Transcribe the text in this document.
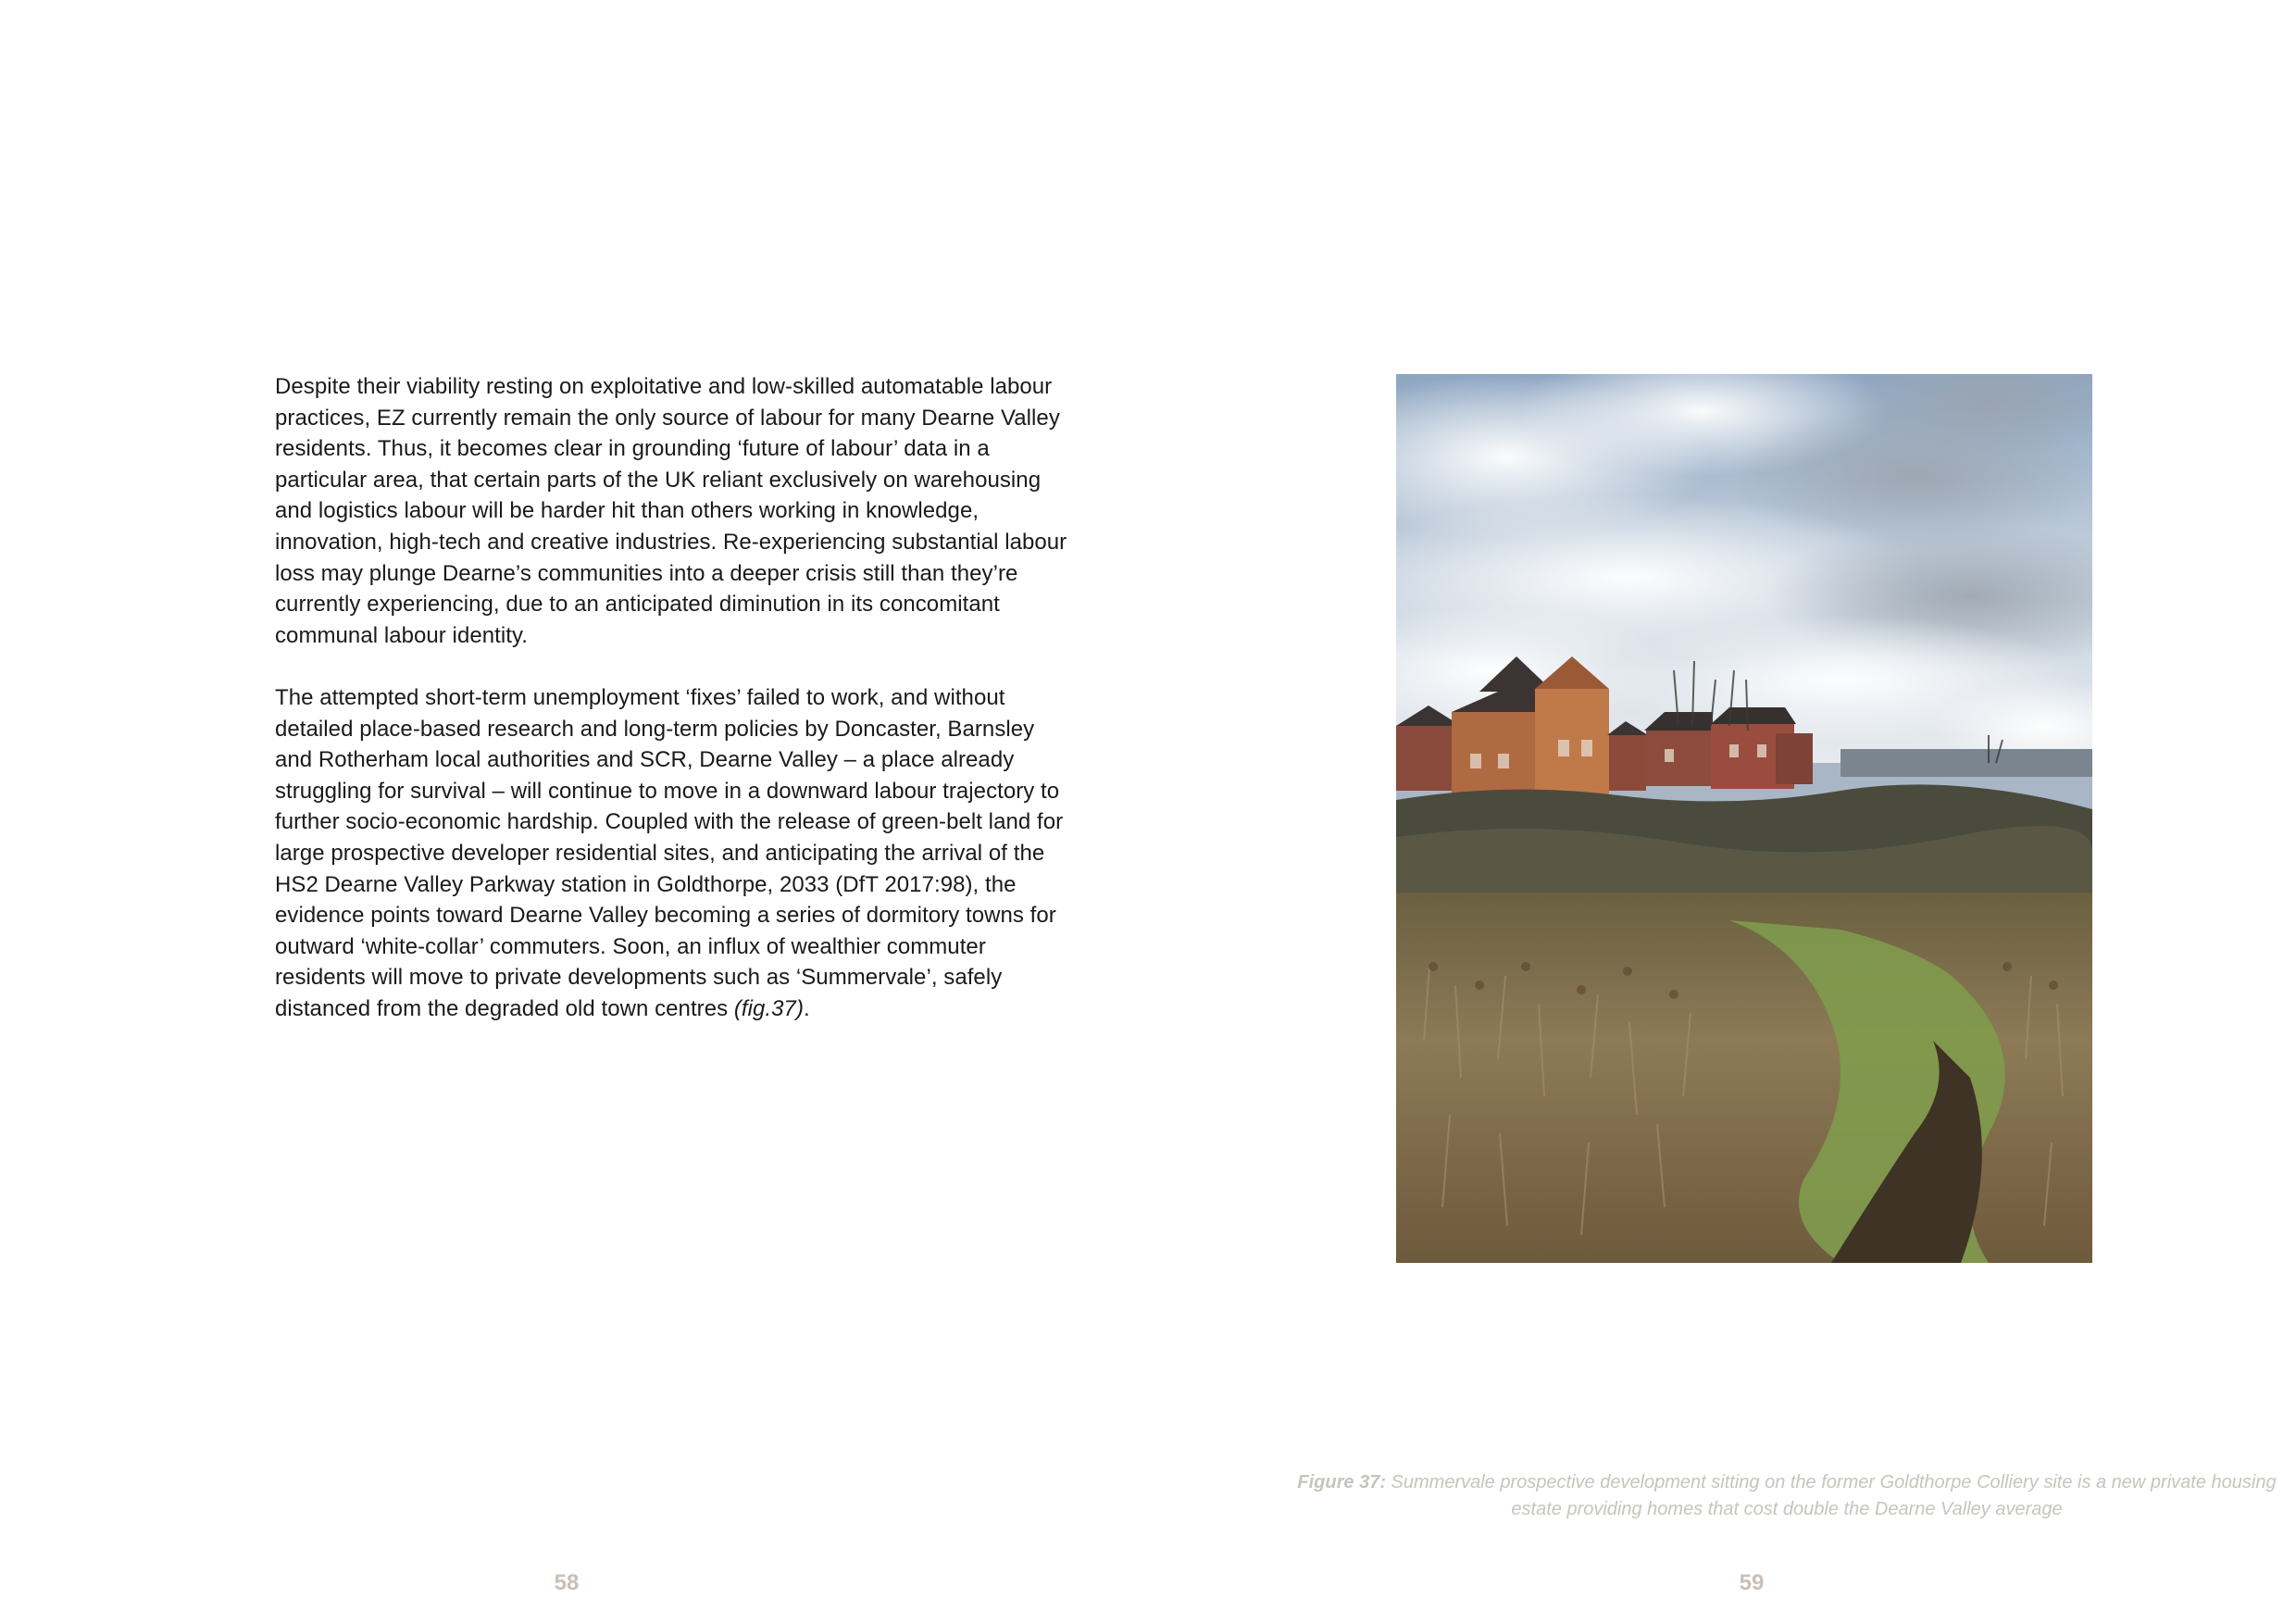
Despite their viability resting on exploitative and low-skilled automatable labour practices, EZ currently remain the only source of labour for many Dearne Valley residents. Thus, it becomes clear in grounding ‘future of labour’ data in a particular area, that certain parts of the UK reliant exclusively on warehousing and logistics labour will be harder hit than others working in knowledge, innovation, high-tech and creative industries. Re-experiencing substantial labour loss may plunge Dearne’s communities into a deeper crisis still than they’re currently experiencing, due to an anticipated diminution in its concomitant communal labour identity.

The attempted short-term unemployment ‘fixes’ failed to work, and without detailed place-based research and long-term policies by Doncaster, Barnsley and Rotherham local authorities and SCR, Dearne Valley – a place already struggling for survival – will continue to move in a downward labour trajectory to further socio-economic hardship. Coupled with the release of green-belt land for large prospective developer residential sites, and anticipating the arrival of the HS2 Dearne Valley Parkway station in Goldthorpe, 2033 (DfT 2017:98), the evidence points toward Dearne Valley becoming a series of dormitory towns for outward ‘white-collar’ commuters. Soon, an influx of wealthier commuter residents will move to private developments such as ‘Summervale’, safely distanced from the degraded old town centres (fig.37).

58
Figure 37: Summervale prospective development sitting on the former Goldthorpe Colliery site is a new private housing estate providing homes that cost double the Dearne Valley average
59
